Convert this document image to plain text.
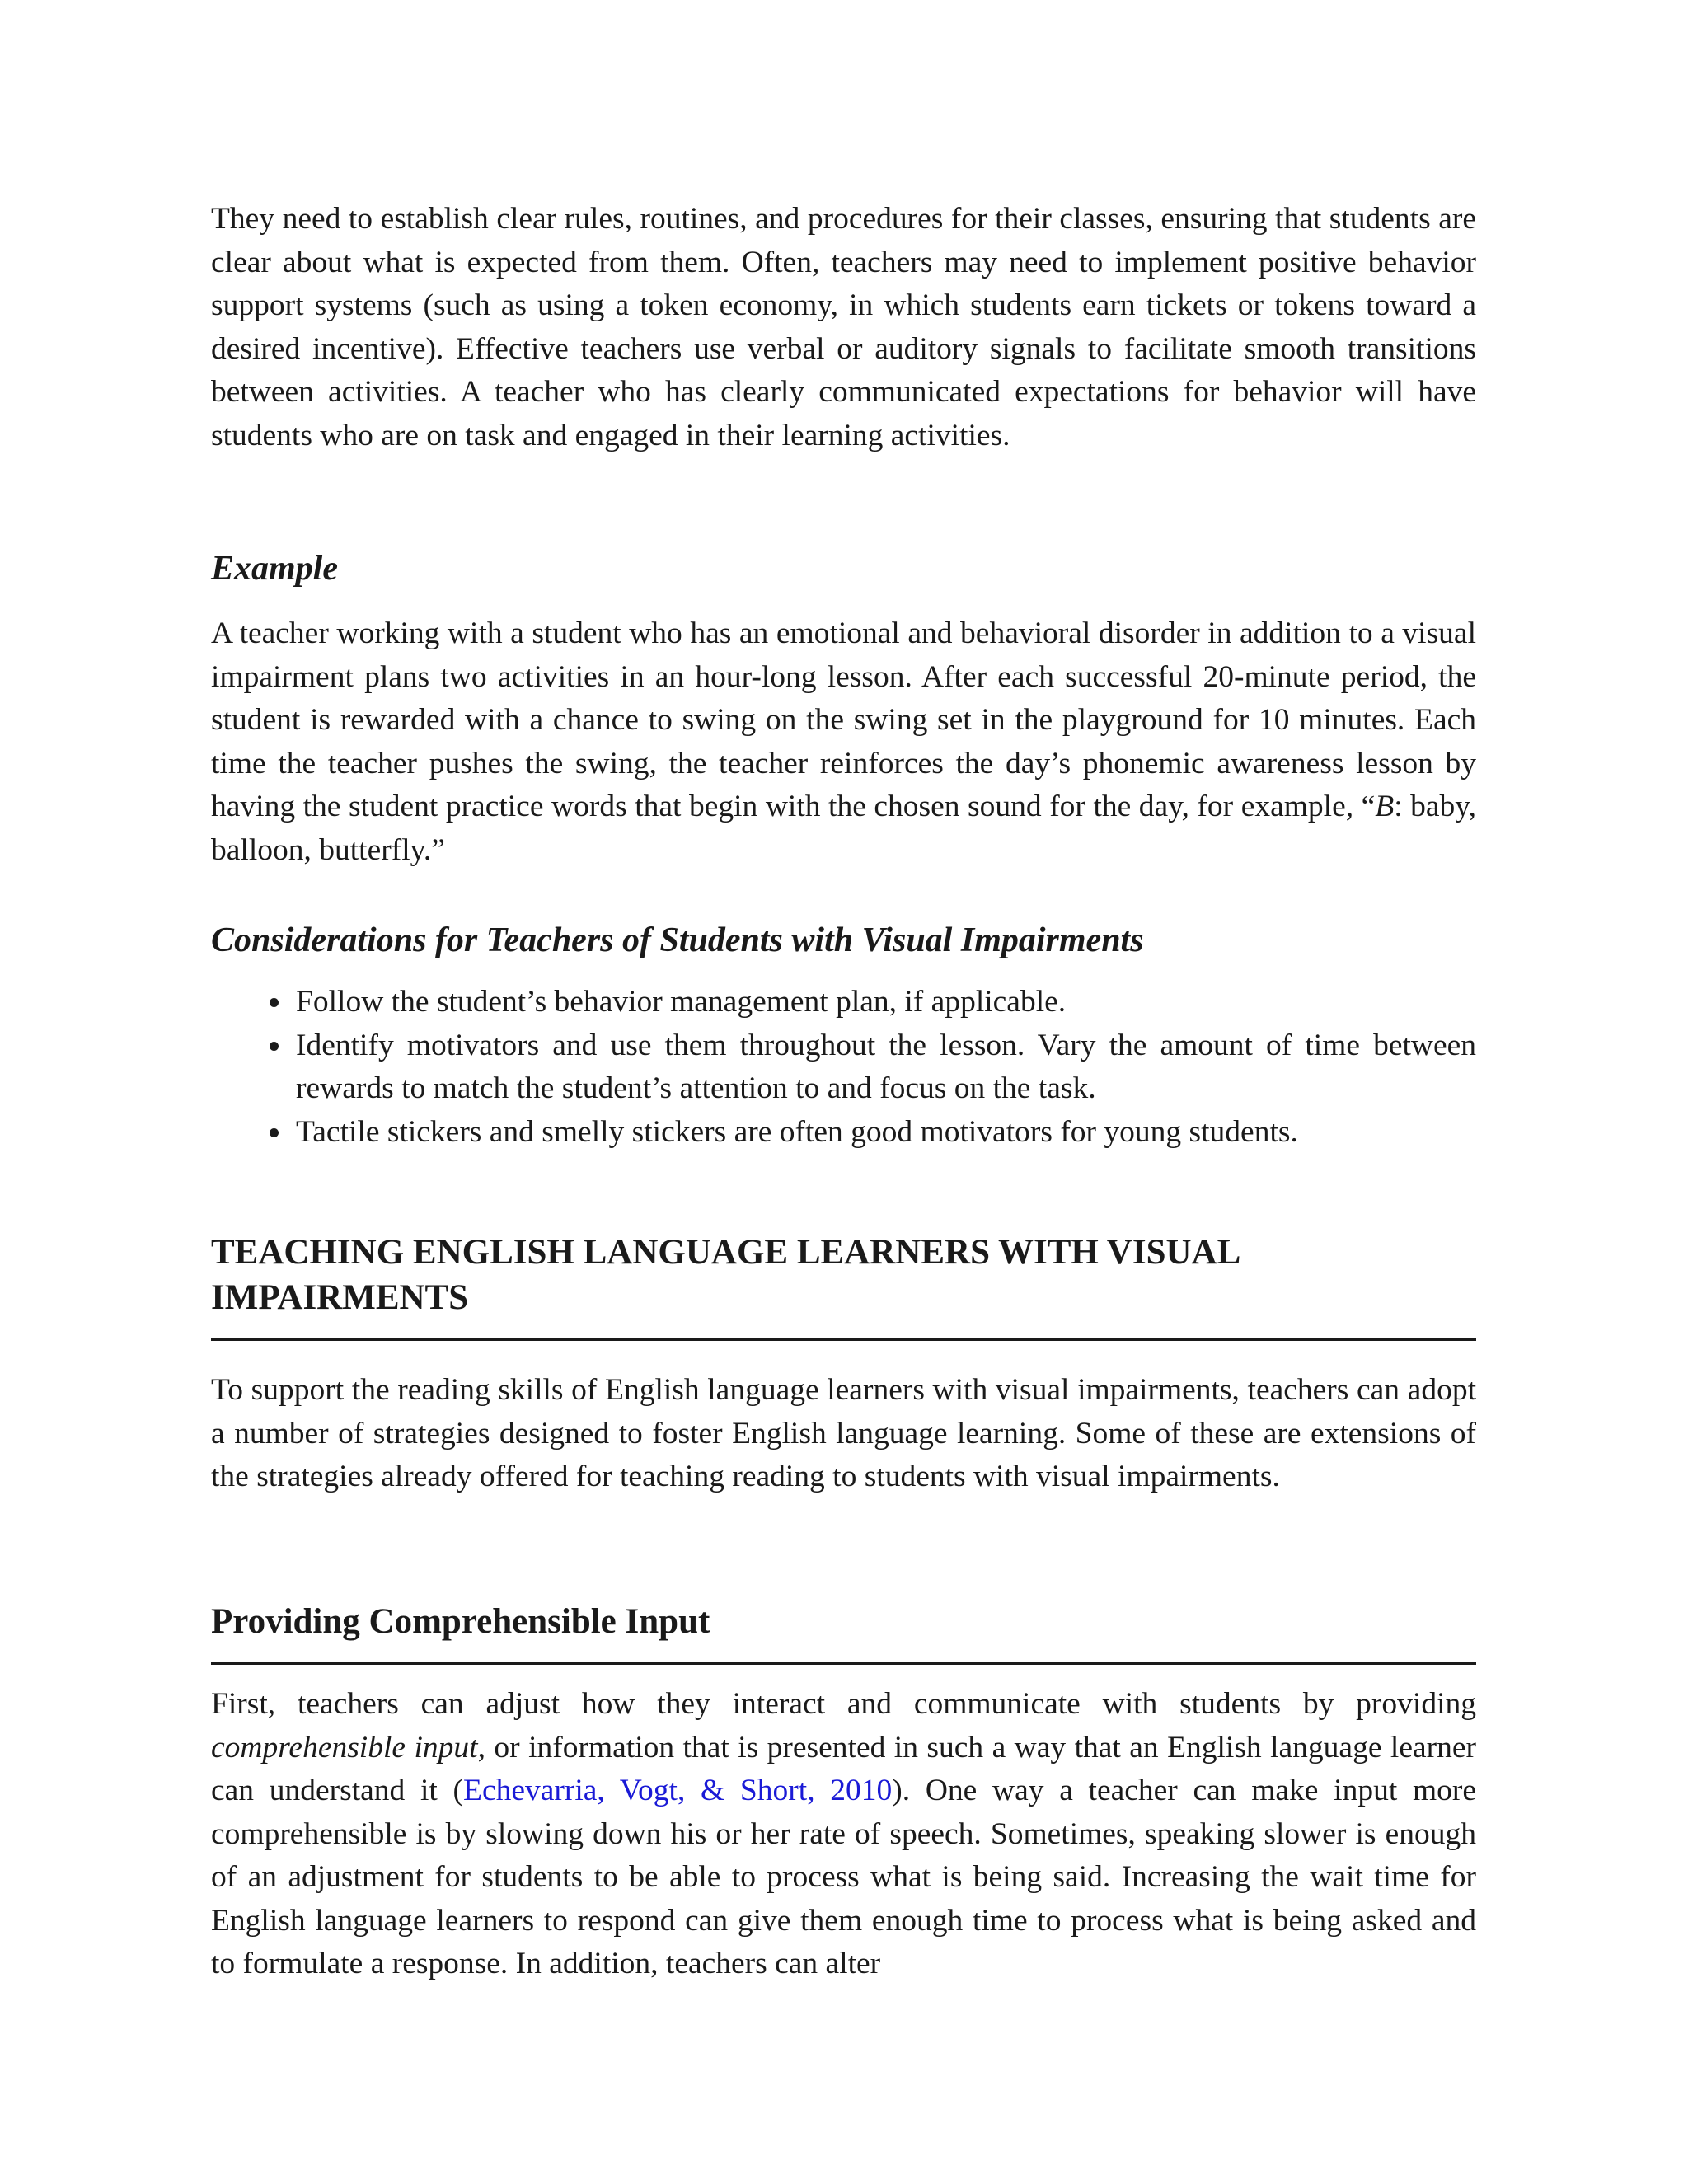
They need to establish clear rules, routines, and procedures for their classes, ensuring that students are clear about what is expected from them. Often, teachers may need to implement positive behavior support systems (such as using a token economy, in which students earn tickets or tokens toward a desired incentive). Effective teachers use verbal or auditory signals to facilitate smooth transitions between activities. A teacher who has clearly communicated expectations for behavior will have students who are on task and engaged in their learning activities.

Example

A teacher working with a student who has an emotional and behavioral disorder in addition to a visual impairment plans two activities in an hour-long lesson. After each successful 20-minute period, the student is rewarded with a chance to swing on the swing set in the playground for 10 minutes. Each time the teacher pushes the swing, the teacher reinforces the day’s phonemic awareness lesson by having the student practice words that begin with the chosen sound for the day, for example, “B: baby, balloon, butterfly.”

Considerations for Teachers of Students with Visual Impairments
Follow the student’s behavior management plan, if applicable.
Identify motivators and use them throughout the lesson. Vary the amount of time between rewards to match the student’s attention to and focus on the task.
Tactile stickers and smelly stickers are often good motivators for young students.
TEACHING ENGLISH LANGUAGE LEARNERS WITH VISUAL IMPAIRMENTS

To support the reading skills of English language learners with visual impairments, teachers can adopt a number of strategies designed to foster English language learning. Some of these are extensions of the strategies already offered for teaching reading to students with visual impairments.

Providing Comprehensible Input

First, teachers can adjust how they interact and communicate with students by providing comprehensible input, or information that is presented in such a way that an English language learner can understand it (Echevarria, Vogt, & Short, 2010). One way a teacher can make input more comprehensible is by slowing down his or her rate of speech. Sometimes, speaking slower is enough of an adjustment for students to be able to process what is being said. Increasing the wait time for English language learners to respond can give them enough time to process what is being asked and to formulate a response. In addition, teachers can alter
